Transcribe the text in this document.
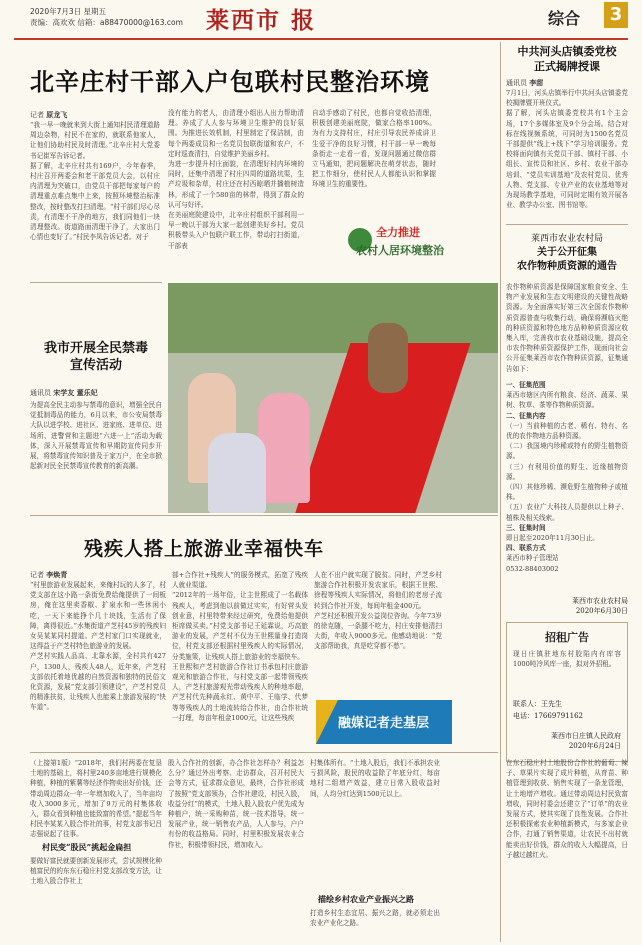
2020年7月3日 星期五
责编：高欢欢 信箱：a88470000@163.com 莱西市 报	综合	3
北辛庄村干部入户包联村民整治环境
记者 原龙飞
“我一早一晚就来到大街上通知村民清理道路周边杂物，村民不在家的，就联系他家人，让他们协助村民及时清理。”北辛庄村大党委书记崔军告诉记者。
据了解，北辛庄村共有169户，今年春季，村庄召开两委会和老干部党员大会，以村庄内清理为突破口，由党员干部把每家每户的清理重点难点集中上来，按照环境整治标准整改，按时整改打扫清理。“村干部们尽心尽责，有清理不干净的地方，我们同他们一块清理整改。街道路面清理干净了，大家出门心情也变好了。”村民李凤告诉记者。对于
没有能力的老人，由清理小组出人出力帮助清理。养成了人人参与环境卫生维护的良好氛围。为推进长效机制，村里制定了保洁制，由每个两委成员和一名党员包联街道和农户，不定时巡查清扫，自觉维护美丽乡村。
为进一步提升村庄面貌，在清理好村内环境的同时，还集中清理了村庄四周的道路坑渠，生产垃圾和杂草，村庄还在村西晾晒并播植树造林，形成了一个580亩的林带，得到了群众的认可与好评。
在美丽庭院建设中，北辛庄村组织干部利用一早一晚以干部为大家一起创建美好乡村。党员积极带头入户包联户联工作，带动打扫街道，干部表
自动手感动了村民，也都自觉收拾清理，积极创建美丽庭院，做家合格率100%。为有力支持村庄，村庄引导农民养成讲卫生爱干净的良好习惯，村干部一早一晚每条街走一走看一看，发现问题通过微信群立马通知，把问题解决在萌芽状态，随时把工作细分，使村民人人都能认识和掌握环境卫生的重要性。
全力推进
农村人居环境整治
我市开展全民禁毒
宣传活动
通讯员 宋学友 董乐妃
为提高全民主动参与禁毒的意识，增强全民自觉抵制毒品的能力，6月以来，市公安局禁毒大队以进学校、进社区、进家庭、进单位、进场所、进警营和主题进“六进一上”活动为载体，深入开展禁毒宣传和早期防宣传同步开展，将禁毒宣传知识普及于家万户，在全市掀起新对民全民禁毒宣传教育的新高潮。
中共河头店镇委党校
正式揭牌授课
通讯员 李甜
7月1日，河头店镇举行中共河头店镇委党校揭牌暨开班仪式。
据了解，河头店镇委党校共有1个主会场，17个多媒体室及9个分会场。结合对标在线视频系统，可同时为1500名党员干部提供“线上+线下”学习培训服务。党校将面向镇有关党员干部、镇村干部、小组长、宣传员和社区、乡村、农业干部办培训、“党员实训基地”及农村党员、优秀人物、党支部、专业产业的农业基地等对为现场教学基地，可同时定期有效开展各业、教学办公室、图书馆等。
莱西市农业农村局
关于公开征集
农作物种质资源的通告
农作物种质资源是保障国家粮食安全、生物产业发展和生态文明建设的关键性战略资源。为全面落实好第三次全国农作物种质资源普查与收集行动，确保将濒临灭绝的种质资源和特色地方品种种质资源应收集入库，完善我市农业基础设施，提高全市农作物种质资源保护工作，现面向社会公开征集莱西市农作物种质资源，征集通告如下：
一、征集范围
莱西市辖区内所有粮食、经济、蔬菜、果树、牧草、茶等作物种质资源。
二、征集内容
（一）当前种植的古老、稀有、特有、名优的农作物地方品种资源。
（二）我国境内珍稀或特有的野生植物资源。
（三）有利用价值的野生、近缘植物资源。
（四）其他珍稀、濒危野生植物种子或植株。
（五）农业广大科技人员提供以上种子、植株及相关线索。
三、征集时间
即日起至2020年11月30日止。
四、联系方式
莱西市种子管理站
0532-88403002
莱西市农业农村局
2020年6月30日
招租广告
现日庄镇驻地东村胶陷内有库容1000吨冷风库一座，拟对外招租。
联系人：王先生
电话：17669791162
莱西市日庄镇人民政府
2020年6月24日
残疾人搭上旅游业幸福快车
记者 李焕青
“村里旅游业发展起来，来俺村玩的人多了，村党支部在这小路一条街免费给俺提供了一间板房，俺在这里卖香椒、扩泉水和一些休闲小吃，一天下来能挣个几十块钱，生活有了保障，离得很近。”水集街道产芝村45岁的残疾妇女吴某某同村提道。产芝村家门口实现就业，这得益于产芝村特色旅游业的发展。
产芝村实践人品高、北靠水源，全村共有427户，1300人，残疾人48人，近年来，产芝村支部依托着地优越的自然资源和独特的民俗文化资源，发展“党支部引领建设”，产芝村党员的精准扶贫，让残疾人也能乘上旅游发展的“快车道”。
部+合作社+残疾人”的服务模式，拓宽了残疾人就业渠道。
“2012年的一场年俗，让主世熙成了一名载体残疾人，考虑到他以前做过实实，有好营头发创业意，村里特带来经过研究，免费给他提供柜席做买卖。”村党支部书记王延霖说，巧高旅游业的发展，产芝村不仅为王世熙量身打造岗位，村党支部还根据村里残疾人的实际情况，分类施策，让残疾人搭上旅游业的幸福快车。
王世熙和产芝村旅游合作社订书承包村庄旅游观光和旅游合作社，与村党支部一起带领残疾人，产芝村旅游观光带动残疾人的种地率超，产芝村代先种蔬永红、黄中平、王临学、代梦等等残疾人的土地流转给合作社，由合作社统一打理，每亩年租金1000元，让这些残疾
人在不出户就实现了脱贫。同时，产芝乡村旅游合作社积极开发农家乐，根据王世熙、徐程等残疾人实际情况，将他们的老房子流转到合作社开发，每间年租金400元。
产芝村还积极开发公益岗位咨询。今年73岁的徐克随，一条腿不吃力，村庄安排他清扫大街，年收入9000多元。他感动地说：“党支部帮助我，真是吃穿都不愁”。
融媒记者走基层
（上接第1版）“2018年，我们村两委在复垦土地的基础上，将村里240多亩地进行规模化种植，种植的紫薯等经济作物卖出好价钱，还带动周边群众一年一年增加收入了，当年亩均收入3000多元，增加了9万元的村集体收入，群众看到种植也能致富的希望。”提起当年村民李某某入股合作社的事，村党支部书记吕志强说起了往事。
村民变“股民”挑起金扁担
要做好富民就要创新发展形式，尝试规模化种植富民的的东东石稳庄村党支部改变方法，让土地入股合作社上
股入合作社的创新，办合作社怎样办？利益怎么分？通过外出考察、走访群众，召开村民大会等方式，征求群众意见，最终，合作社形成了按照“党支部领办，合作社建设，村民入股，收益分红”的模式，土地入股入股农户优先成为种植户，统一采购种苗，统一技术指导，统一发展产业，统一销售农产品，人人参与，户户有份的收益格局。同时，村里积极发展农业合作社，积极带领村民，增加收入。
村集体所有。“土地入股后，我们不承担农业亏损风险，股民的收益除了年底分红，每亩地村二组增产效益，建立日常入股收益时间，人均分红达到1500元以上。
描绘乡村农业产业振兴之路
打造乡村生态宜居、振兴之路，就必须走出农业产业化之路。
在东石稳庄村土地股份合作社的葡萄、辣子、草果片实现了成片种植，从育苗、种植管理到收获、销售实现了一条龙管理，让土地增产增收。通过带动周边村民致富增收，同时村委会还建立了“订单”的农业发展方式，使其实现了良性发展。合作社还积极探索农业种植新模式，与多家企业合作，打通了销售渠道，让农民不出村就能卖出好价钱，群众的收入大幅提高，日子越过越红火。
